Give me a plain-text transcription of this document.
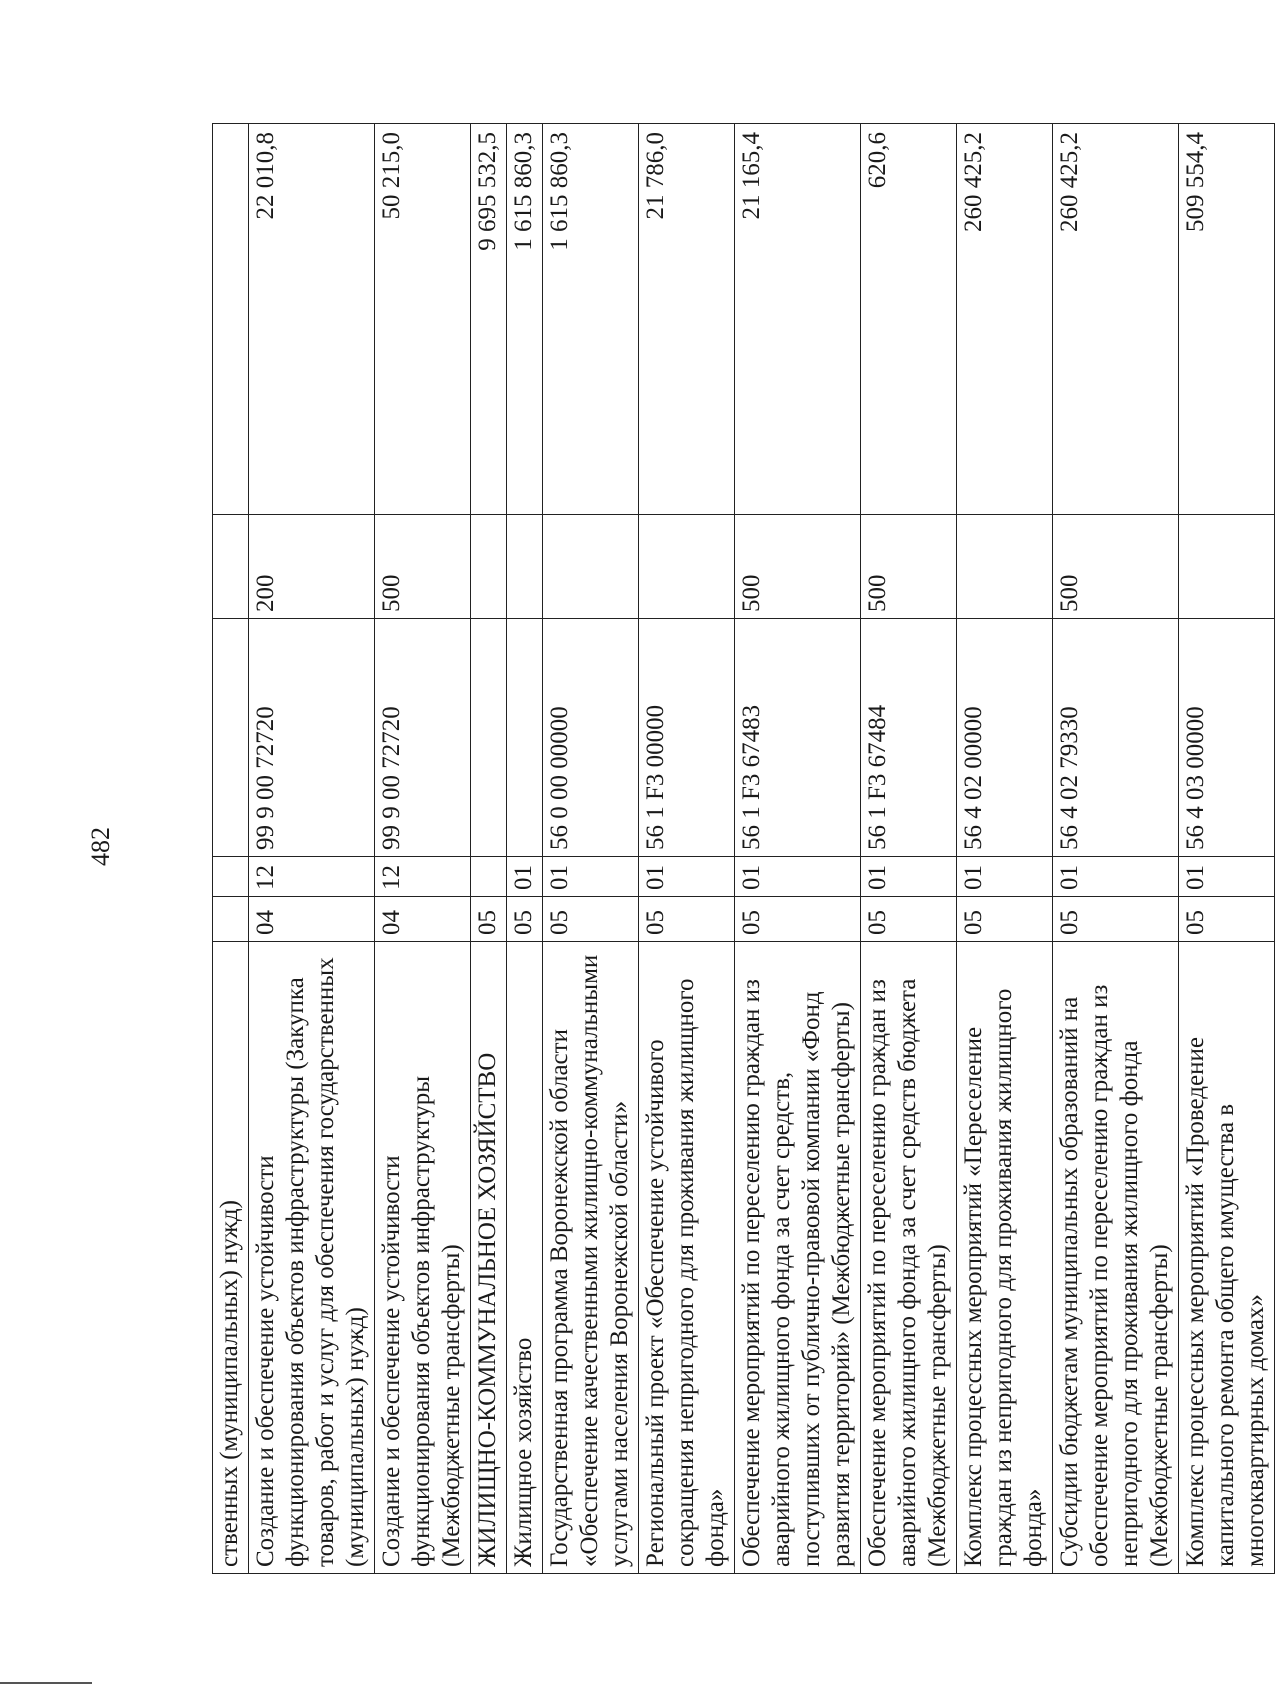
482
ственных (муниципальных) нужд)					
Создание и обеспечение устойчивости функционирования объектов инфраструктуры (Закупка товаров, работ и услуг для обеспечения государственных (муниципальных) нужд)	04	12	99 9 00 72720	200	22 010,8
Создание и обеспечение устойчивости функционирования объектов инфраструктуры (Межбюджетные трансферты)	04	12	99 9 00 72720	500	50 215,0
ЖИЛИЩНО-КОММУНАЛЬНОЕ ХОЗЯЙСТВО	05				9 695 532,5
Жилищное хозяйство	05	01			1 615 860,3
Государственная программа Воронежской области «Обеспечение качественными жилищно-коммунальными услугами населения Воронежской области»	05	01	56 0 00 00000		1 615 860,3
Региональный проект «Обеспечение устойчивого сокращения непригодного для проживания жилищного фонда»	05	01	56 1 F3 00000		21 786,0
Обеспечение мероприятий по переселению граждан из аварийного жилищного фонда за счет средств, поступивших от публично-правовой компании «Фонд развития территорий» (Межбюджетные трансферты)	05	01	56 1 F3 67483	500	21 165,4
Обеспечение мероприятий по переселению граждан из аварийного жилищного фонда за счет средств бюджета (Межбюджетные трансферты)	05	01	56 1 F3 67484	500	620,6
Комплекс процессных мероприятий «Переселение граждан из непригодного для проживания жилищного фонда»	05	01	56 4 02 00000		260 425,2
Субсидии бюджетам муниципальных образований на обеспечение мероприятий по переселению граждан из непригодного для проживания жилищного фонда (Межбюджетные трансферты)	05	01	56 4 02 79330	500	260 425,2
Комплекс процессных мероприятий «Проведение капитального ремонта общего имущества в многоквартирных домах»	05	01	56 4 03 00000		509 554,4
